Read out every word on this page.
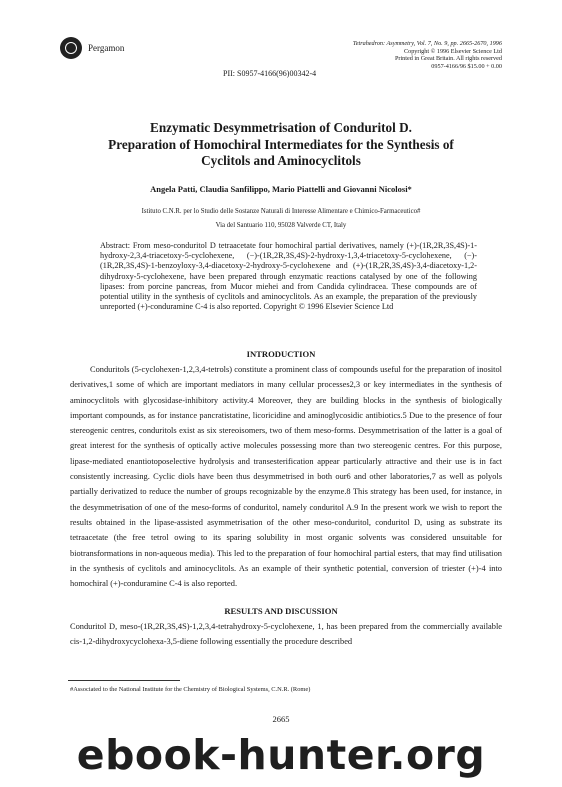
Pergamon	Tetrahedron: Asymmetry, Vol. 7, No. 9, pp. 2665-2670, 1996
Copyright © 1996 Elsevier Science Ltd
Printed in Great Britain. All rights reserved
0957-4166/96 $15.00 + 0.00
PII: S0957-4166(96)00342-4
Enzymatic Desymmetrisation of Conduritol D.
Preparation of Homochiral Intermediates for the Synthesis of
Cyclitols and Aminocyclitols
Angela Patti, Claudia Sanfilippo, Mario Piattelli and Giovanni Nicolosi*
Istituto C.N.R. per lo Studio delle Sostanze Naturali di Interesse Alimentare e Chimico-Farmaceutico#
Via del Santuario 110, 95028 Valverde CT, Italy

Abstract: From meso-conduritol D tetraacetate four homochiral partial derivatives, namely (+)-(1R,2R,3S,4S)-1-hydroxy-2,3,4-triacetoxy-5-cyclohexene, (−)-(1R,2R,3S,4S)-2-hydroxy-1,3,4-triacetoxy-5-cyclohexene, (−)-(1R,2R,3S,4S)-1-benzoyloxy-3,4-diacetoxy-2-hydroxy-5-cyclohexene and (+)-(1R,2R,3S,4S)-3,4-diacetoxy-1,2-dihydroxy-5-cyclohexene, have been prepared through enzymatic reactions catalysed by one of the following lipases: from porcine pancreas, from Mucor miehei and from Candida cylindracea. These compounds are of potential utility in the synthesis of cyclitols and aminocyclitols. As an example, the preparation of the previously unreported (+)-conduramine C-4 is also reported. Copyright © 1996 Elsevier Science Ltd

INTRODUCTION

Conduritols (5-cyclohexen-1,2,3,4-tetrols) constitute a prominent class of compounds useful for the preparation of inositol derivatives,1 some of which are important mediators in many cellular processes2,3 or key intermediates in the synthesis of aminocyclitols with glycosidase-inhibitory activity.4 Moreover, they are building blocks in the synthesis of biologically important compounds, as for instance pancratistatine, licoricidine and aminoglycosidic antibiotics.5 Due to the presence of four stereogenic centres, conduritols exist as six stereoisomers, two of them meso-forms. Desymmetrisation of the latter is a goal of great interest for the synthesis of optically active molecules possessing more than two stereogenic centres. For this purpose, lipase-mediated enantiotoposelective hydrolysis and transesterification appear particularly attractive and their use is in fact consistently increasing. Cyclic diols have been thus desymmetrised in both our6 and other laboratories,7 as well as polyols partially derivatized to reduce the number of groups recognizable by the enzyme.8 This strategy has been used, for instance, in the desymmetrisation of one of the meso-forms of conduritol, namely conduritol A.9 In the present work we wish to report the results obtained in the lipase-assisted asymmetrisation of the other meso-conduritol, conduritol D, using as substrate its tetraacetate (the free tetrol owing to its sparing solubility in most organic solvents was considered unsuitable for biotransformations in non-aqueous media). This led to the preparation of four homochiral partial esters, that may find utilisation in the synthesis of cyclitols and aminocyclitols. As an example of their synthetic potential, conversion of triester (+)-4 into homochiral (+)-conduramine C-4 is also reported.

RESULTS AND DISCUSSION

Conduritol D, meso-(1R,2R,3S,4S)-1,2,3,4-tetrahydroxy-5-cyclohexene, 1, has been prepared from the commercially available cis-1,2-dihydroxycyclohexa-3,5-diene following essentially the procedure described

#Associated to the National Institute for the Chemistry of Biological Systems, C.N.R. (Rome)
2665
ebook-hunter.org
